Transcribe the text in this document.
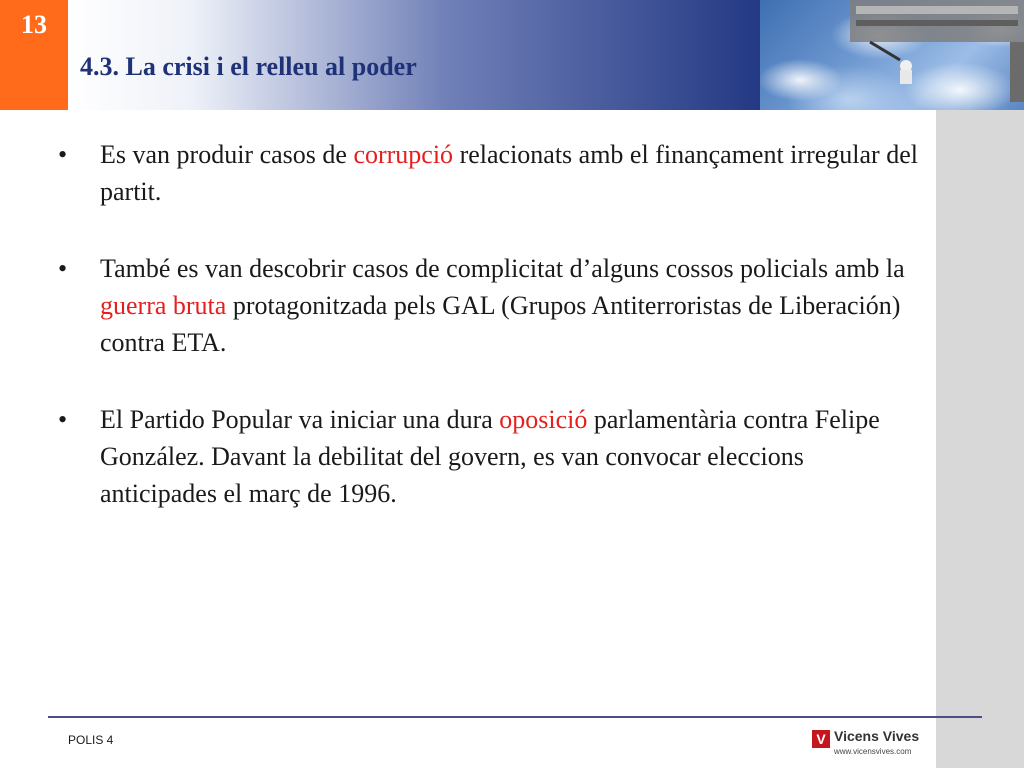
13
4.3. La crisi i el relleu al poder
• Es van produir casos de corrupció relacionats amb el finançament irregular del partit.
• També es van descobrir casos de complicitat d’alguns cossos policials amb la guerra bruta protagonitzada pels GAL (Grupos Antiterroristas de Liberación) contra ETA.
• El Partido Popular va iniciar una dura oposició parlamentària contra Felipe González. Davant la debilitat del govern, es van convocar eleccions anticipades el març de 1996.
POLIS 4	V Vicens Vives
www.vicensvives.com
